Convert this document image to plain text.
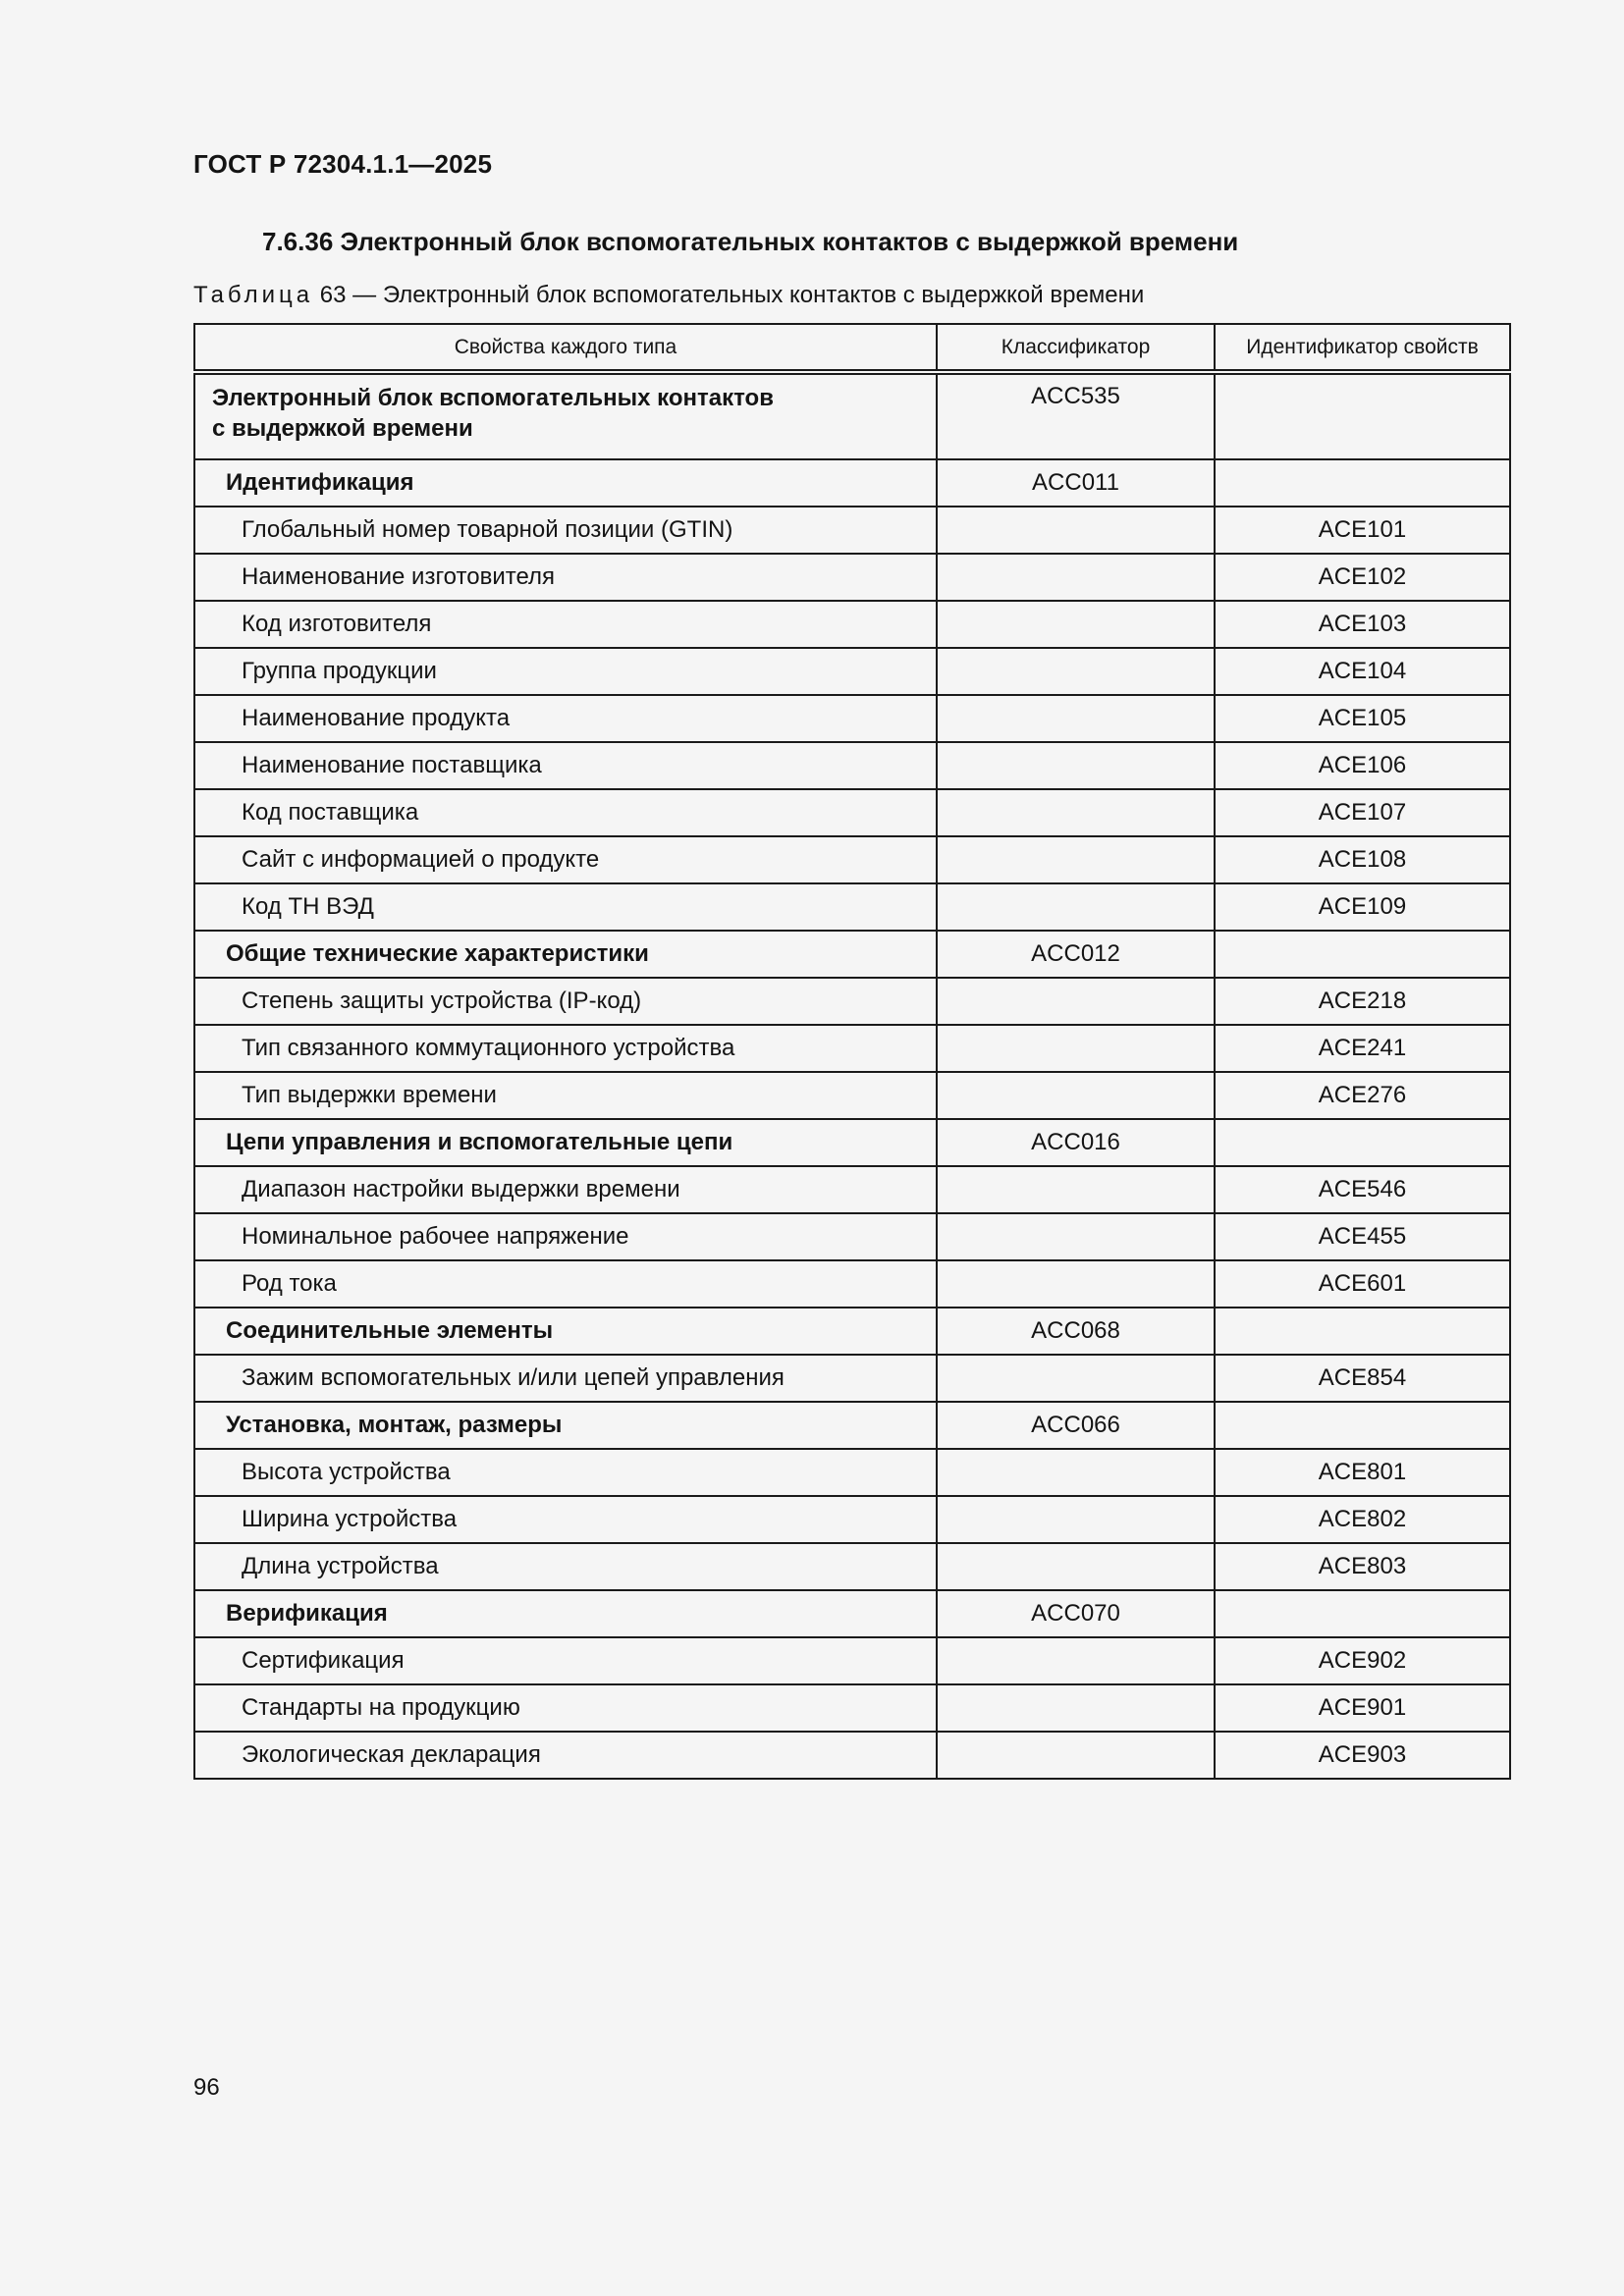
ГОСТ Р 72304.1.1—2025
7.6.36 Электронный блок вспомогательных контактов с выдержкой времени
Таблица 63 — Электронный блок вспомогательных контактов с выдержкой времени
Свойства каждого типа	Классификатор	Идентификатор свойств

Электронный блок вспомогательных контактов
с выдержкой времени	ACC535	
Идентификация	ACC011	
Глобальный номер товарной позиции (GTIN)		ACE101
Наименование изготовителя		ACE102
Код изготовителя		ACE103
Группа продукции		ACE104
Наименование продукта		ACE105
Наименование поставщика		ACE106
Код поставщика		ACE107
Сайт с информацией о продукте		ACE108
Код ТН ВЭД		ACE109
Общие технические характеристики	ACC012	
Степень защиты устройства (IP-код)		ACE218
Тип связанного коммутационного устройства		ACE241
Тип выдержки времени		ACE276
Цепи управления и вспомогательные цепи	ACC016	
Диапазон настройки выдержки времени		ACE546
Номинальное рабочее напряжение		ACE455
Род тока		ACE601
Соединительные элементы	ACC068	
Зажим вспомогательных и/или цепей управления		ACE854
Установка, монтаж, размеры	ACC066	
Высота устройства		ACE801
Ширина устройства		ACE802
Длина устройства		ACE803
Верификация	ACC070	
Сертификация		ACE902
Стандарты на продукцию		ACE901
Экологическая декларация		ACE903
96
